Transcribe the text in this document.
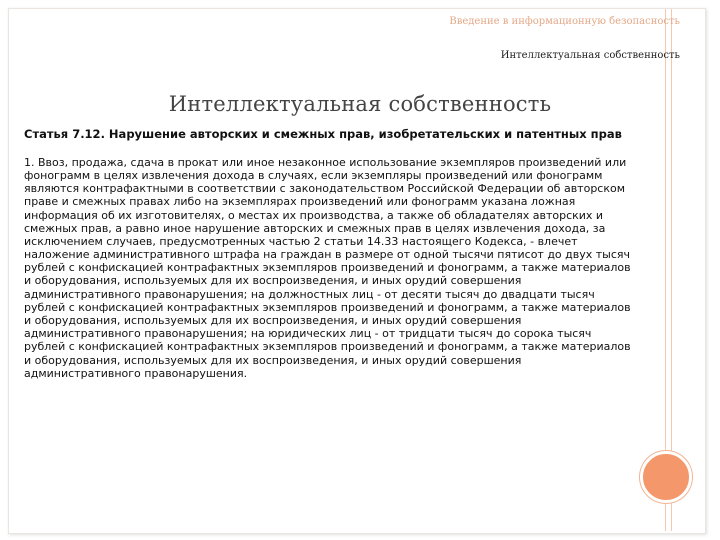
Введение в информационную безопасность
Интеллектуальная собственность
Интеллектуальная собственность

Статья 7.12. Нарушение авторских и смежных прав, изобретательских и патентных прав

1. Ввоз, продажа, сдача в прокат или иное незаконное использование экземпляров произведений или фонограмм в целях извлечения дохода в случаях, если экземпляры произведений или фонограмм являются контрафактными в соответствии с законодательством Российской Федерации об авторском праве и смежных правах либо на экземплярах произведений или фонограмм указана ложная информация об их изготовителях, о местах их производства, а также об обладателях авторских и смежных прав, а равно иное нарушение авторских и смежных прав в целях извлечения дохода, за исключением случаев, предусмотренных частью 2 статьи 14.33 настоящего Кодекса, - влечет наложение административного штрафа на граждан в размере от одной тысячи пятисот до двух тысяч рублей с конфискацией контрафактных экземпляров произведений и фонограмм, а также материалов и оборудования, используемых для их воспроизведения, и иных орудий совершения административного правонарушения; на должностных лиц - от десяти тысяч до двадцати тысяч рублей с конфискацией контрафактных экземпляров произведений и фонограмм, а также материалов и оборудования, используемых для их воспроизведения, и иных орудий совершения административного правонарушения; на юридических лиц - от тридцати тысяч до сорока тысяч рублей с конфискацией контрафактных экземпляров произведений и фонограмм, а также материалов и оборудования, используемых для их воспроизведения, и иных орудий совершения административного правонарушения.
